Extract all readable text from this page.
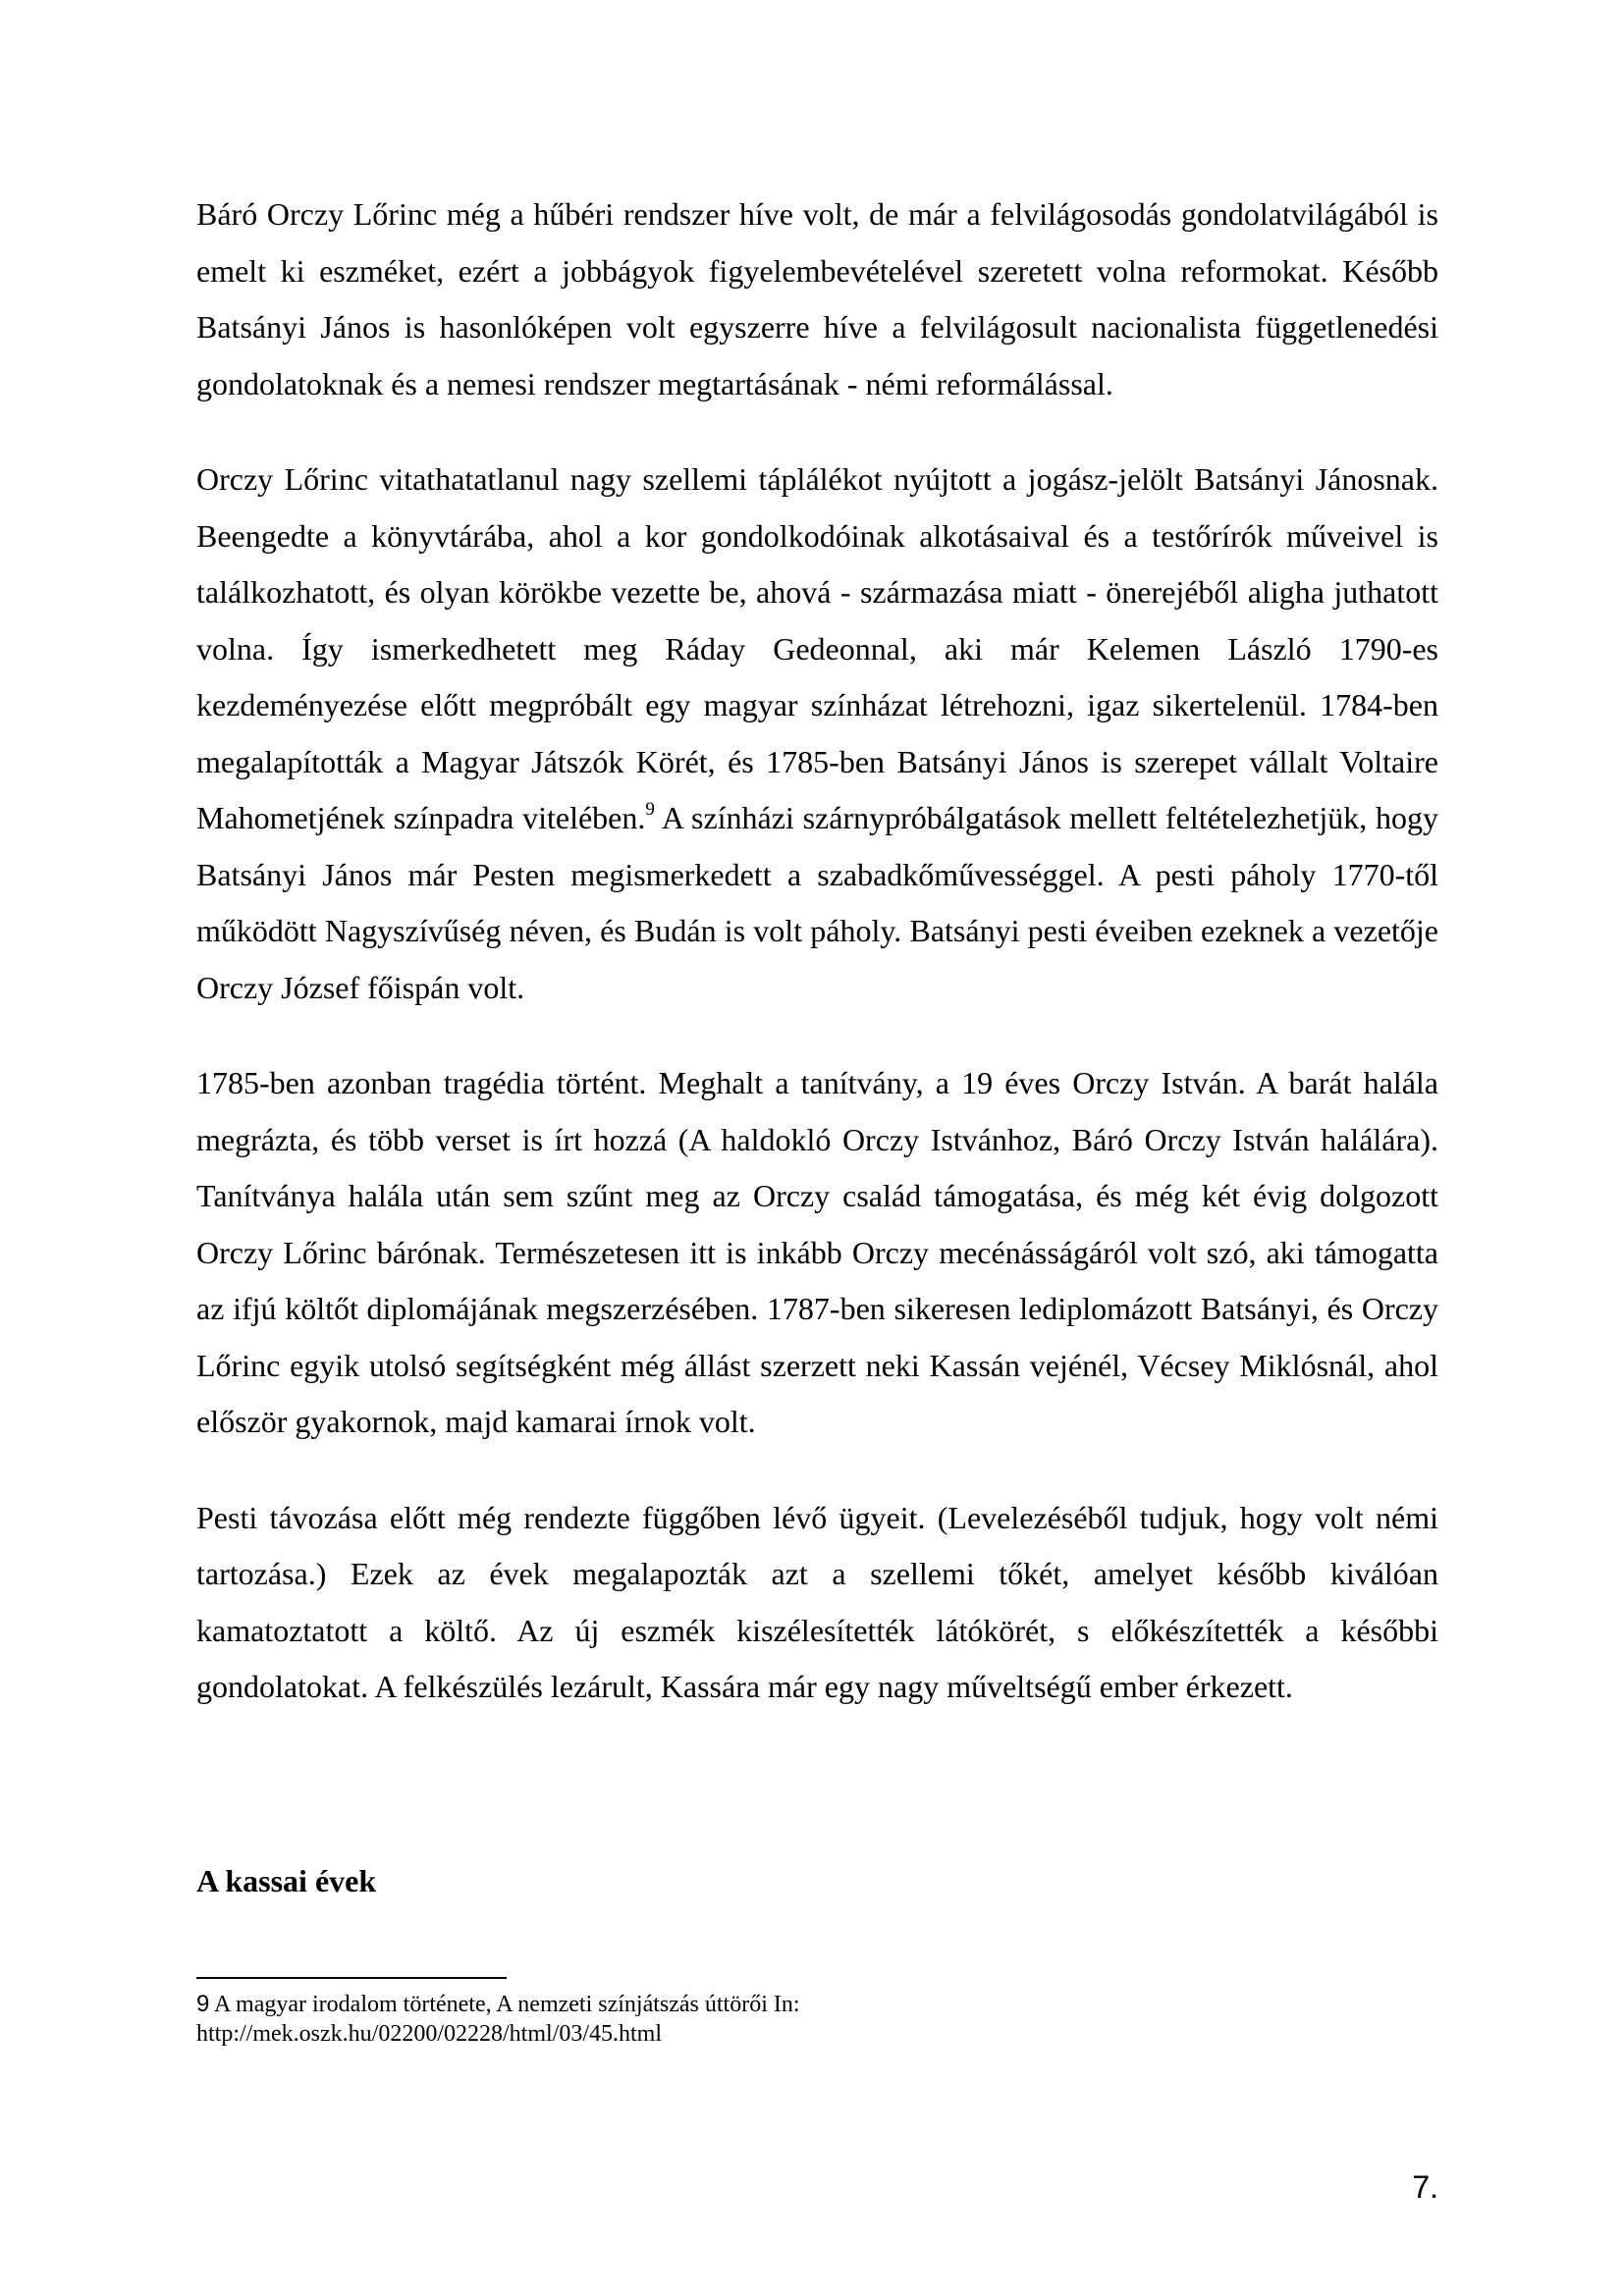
Báró Orczy Lőrinc még a hűbéri rendszer híve volt, de már a felvilágosodás gondolatvilágából is emelt ki eszméket, ezért a jobbágyok figyelembevételével szeretett volna reformokat. Később Batsányi János is hasonlóképen volt egyszerre híve a felvilágosult nacionalista függetlenedési gondolatoknak és a nemesi rendszer megtartásának - némi reformálással.

Orczy Lőrinc vitathatatlanul nagy szellemi táplálékot nyújtott a jogász-jelölt Batsányi Jánosnak. Beengedte a könyvtárába, ahol a kor gondolkodóinak alkotásaival és a testőrírók műveivel is találkozhatott, és olyan körökbe vezette be, ahová - származása miatt - önerejéből aligha juthatott volna. Így ismerkedhetett meg Ráday Gedeonnal, aki már Kelemen László 1790-es kezdeményezése előtt megpróbált egy magyar színházat létrehozni, igaz sikertelenül. 1784-ben megalapították a Magyar Játszók Körét, és 1785-ben Batsányi János is szerepet vállalt Voltaire Mahometjének színpadra vitelében.$^9$ A színházi szárnypróbálgatások mellett feltételezhetjük, hogy Batsányi János már Pesten megismerkedett a szabadkőművességgel. A pesti páholy 1770-től működött Nagyszívűség néven, és Budán is volt páholy. Batsányi pesti éveiben ezeknek a vezetője Orczy József főispán volt.

1785-ben azonban tragédia történt. Meghalt a tanítvány, a 19 éves Orczy István. A barát halála megrázta, és több verset is írt hozzá (A haldokló Orczy Istvánhoz, Báró Orczy István halálára). Tanítványa halála után sem szűnt meg az Orczy család támogatása, és még két évig dolgozott Orczy Lőrinc bárónak. Természetesen itt is inkább Orczy mecénásságáról volt szó, aki támogatta az ifjú költőt diplomájának megszerzésében. 1787-ben sikeresen lediplomázott Batsányi, és Orczy Lőrinc egyik utolsó segítségként még állást szerzett neki Kassán vejénél, Vécsey Miklósnál, ahol először gyakornok, majd kamarai írnok volt.

Pesti távozása előtt még rendezte függőben lévő ügyeit. (Levelezéséből tudjuk, hogy volt némi tartozása.) Ezek az évek megalapozták azt a szellemi tőkét, amelyet később kiválóan kamatoztatott a költő. Az új eszmék kiszélesítették látókörét, s előkészítették a későbbi gondolatokat. A felkészülés lezárult, Kassára már egy nagy műveltségű ember érkezett.

A kassai évek
9 A magyar irodalom története, A nemzeti színjátszás úttörői In:
http://mek.oszk.hu/02200/02228/html/03/45.html
7.
